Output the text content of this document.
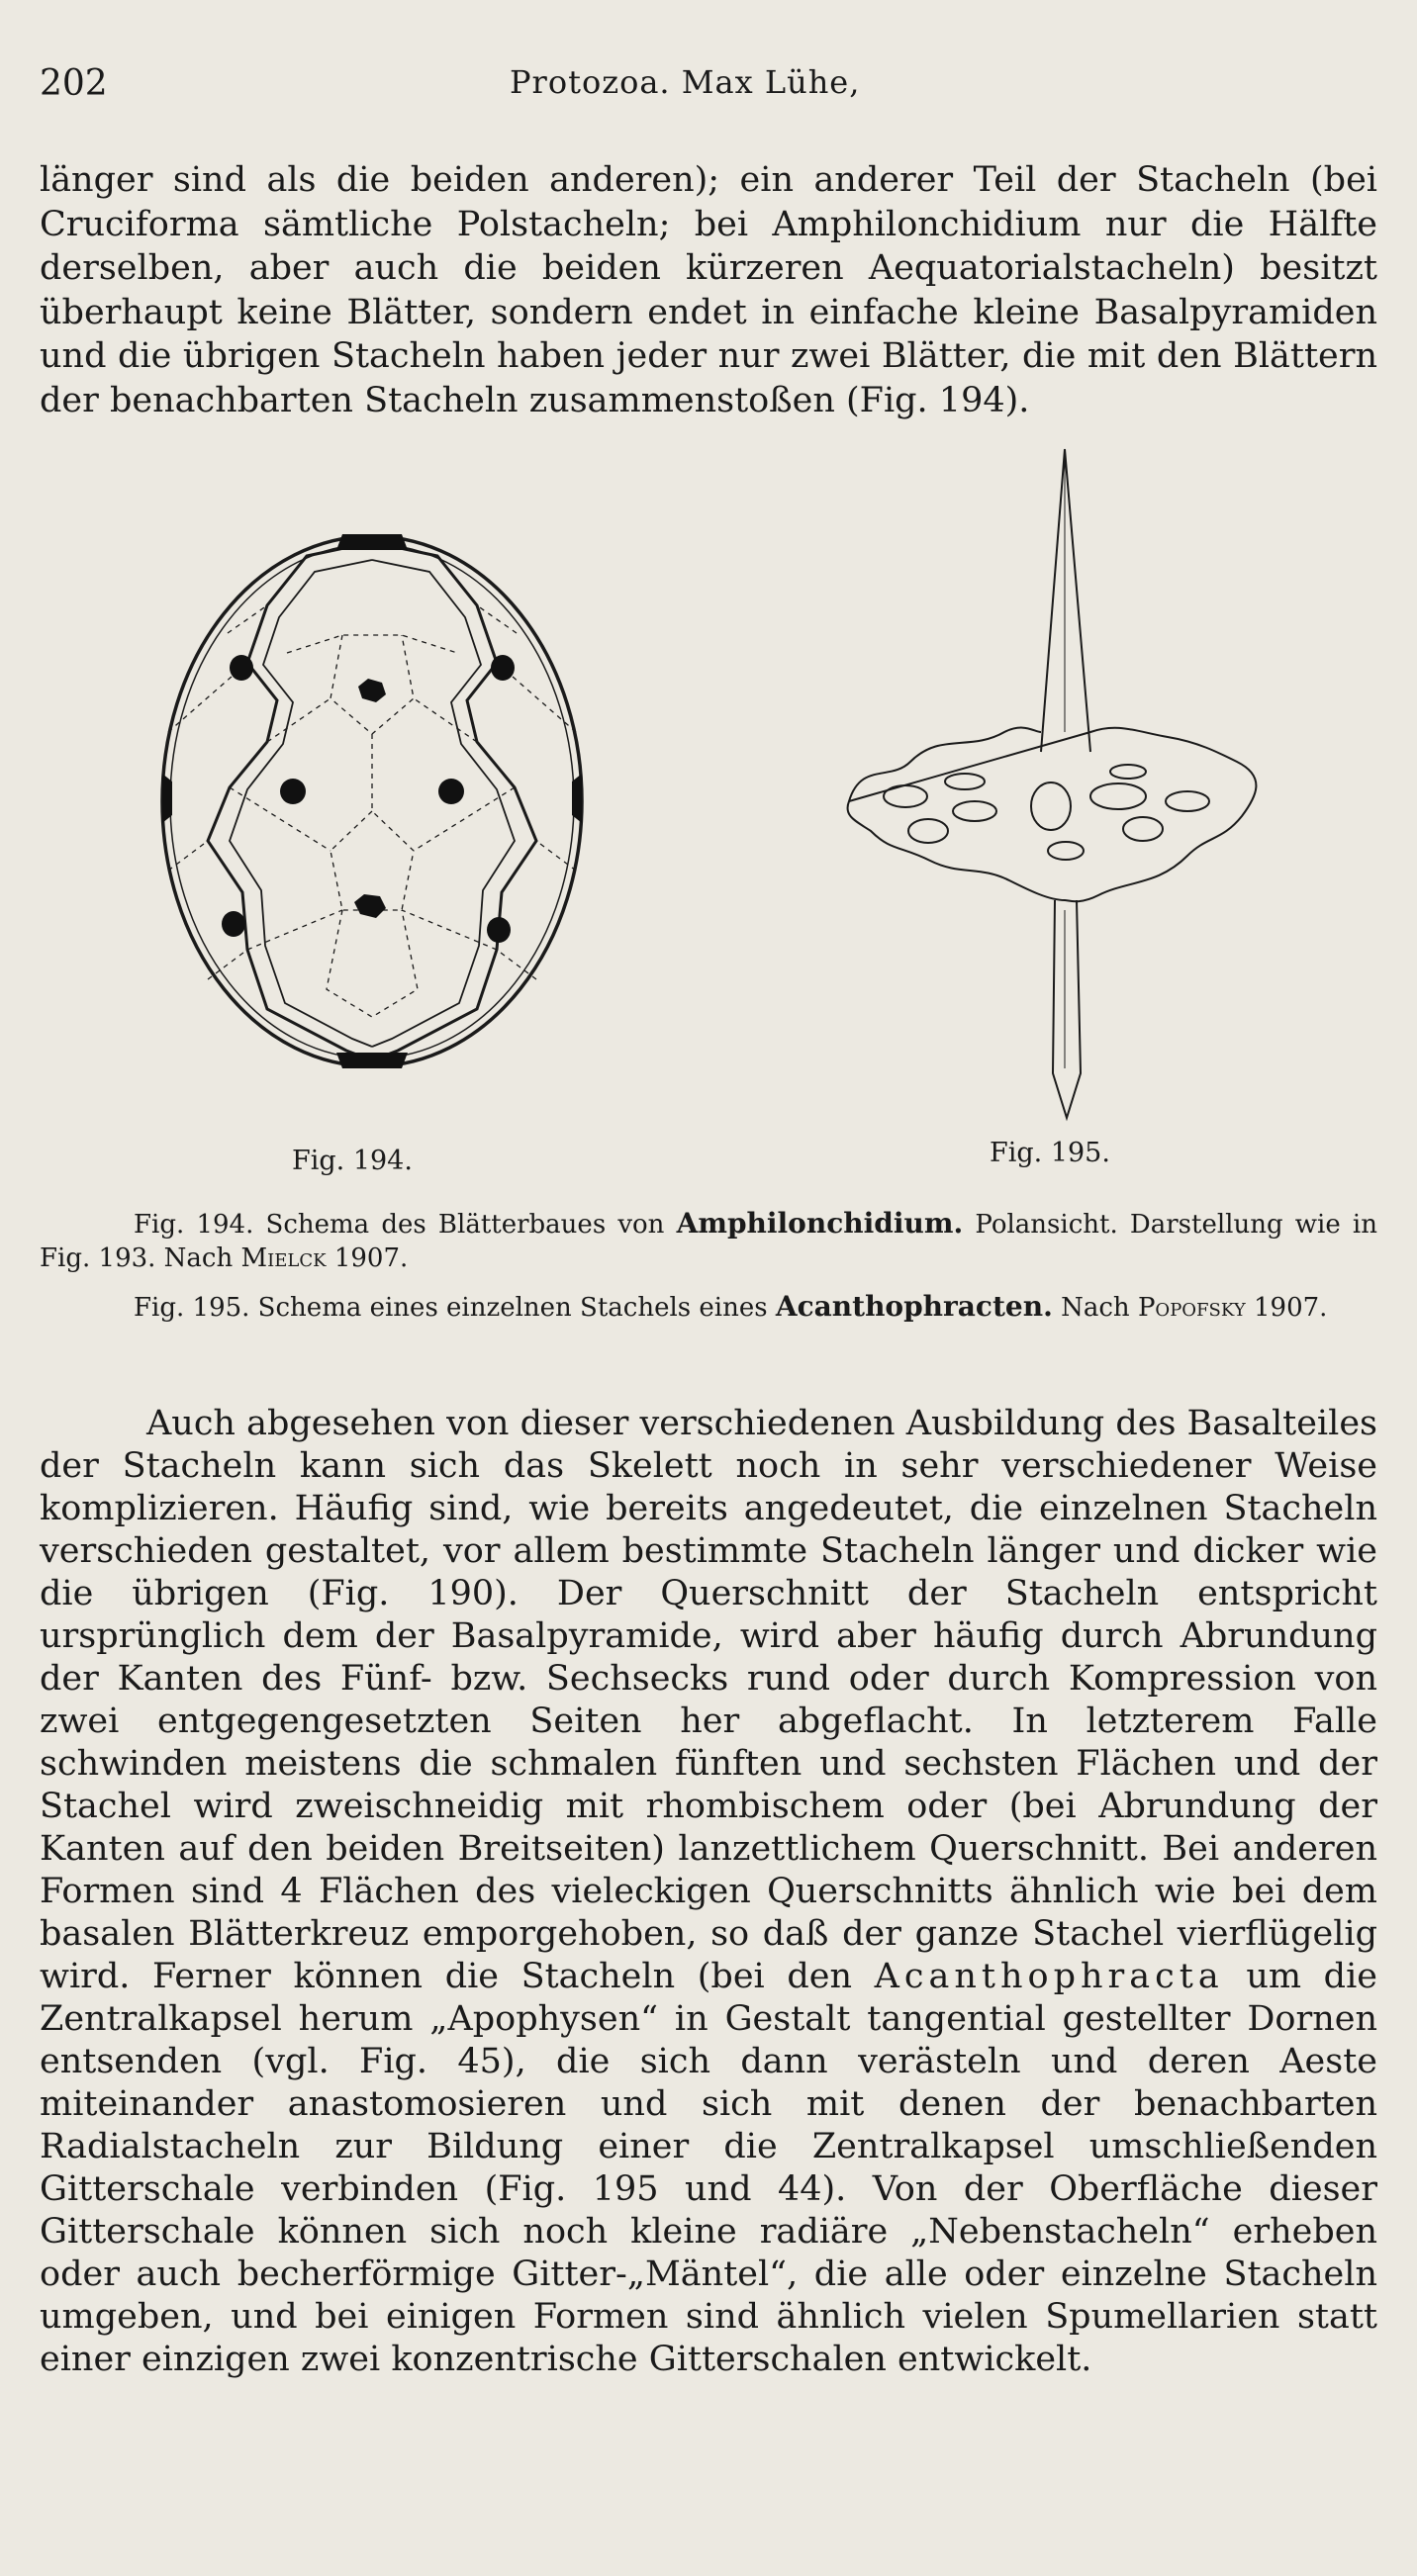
202	Protozoa. Max Lühe,

länger sind als die beiden anderen); ein anderer Teil der Stacheln (bei Cruciforma sämtliche Polstacheln; bei Amphilonchidium nur die Hälfte derselben, aber auch die beiden kürzeren Aequatorialstacheln) besitzt überhaupt keine Blätter, sondern endet in einfache kleine Basalpyramiden und die übrigen Stacheln haben jeder nur zwei Blätter, die mit den Blättern der benachbarten Stacheln zusammenstoßen (Fig. 194).

Fig. 194.	Fig. 195.

Fig. 194. Schema des Blätterbaues von Amphilonchidium. Polansicht. Darstellung wie in Fig. 193. Nach Mielck 1907.

Fig. 195. Schema eines einzelnen Stachels eines Acanthophracten. Nach Popofsky 1907.

Auch abgesehen von dieser verschiedenen Ausbildung des Basalteiles der Stacheln kann sich das Skelett noch in sehr verschiedener Weise komplizieren. Häufig sind, wie bereits angedeutet, die einzelnen Stacheln verschieden gestaltet, vor allem bestimmte Stacheln länger und dicker wie die übrigen (Fig. 190). Der Querschnitt der Stacheln entspricht ursprünglich dem der Basalpyramide, wird aber häufig durch Abrundung der Kanten des Fünf- bzw. Sechsecks rund oder durch Kompression von zwei entgegengesetzten Seiten her abgeflacht. In letzterem Falle schwinden meistens die schmalen fünften und sechsten Flächen und der Stachel wird zweischneidig mit rhombischem oder (bei Abrundung der Kanten auf den beiden Breitseiten) lanzettlichem Querschnitt. Bei anderen Formen sind 4 Flächen des vieleckigen Querschnitts ähnlich wie bei dem basalen Blätterkreuz emporgehoben, so daß der ganze Stachel vierflügelig wird. Ferner können die Stacheln (bei den Acanthophracta um die Zentralkapsel herum „Apophysen“ in Gestalt tangential gestellter Dornen entsenden (vgl. Fig. 45), die sich dann verästeln und deren Aeste miteinander anastomosieren und sich mit denen der benachbarten Radialstacheln zur Bildung einer die Zentralkapsel umschließenden Gitterschale verbinden (Fig. 195 und 44). Von der Oberfläche dieser Gitterschale können sich noch kleine radiäre „Nebenstacheln“ erheben oder auch becherförmige Gitter-„Mäntel“, die alle oder einzelne Stacheln umgeben, und bei einigen Formen sind ähnlich vielen Spumellarien statt einer einzigen zwei konzentrische Gitterschalen entwickelt.
